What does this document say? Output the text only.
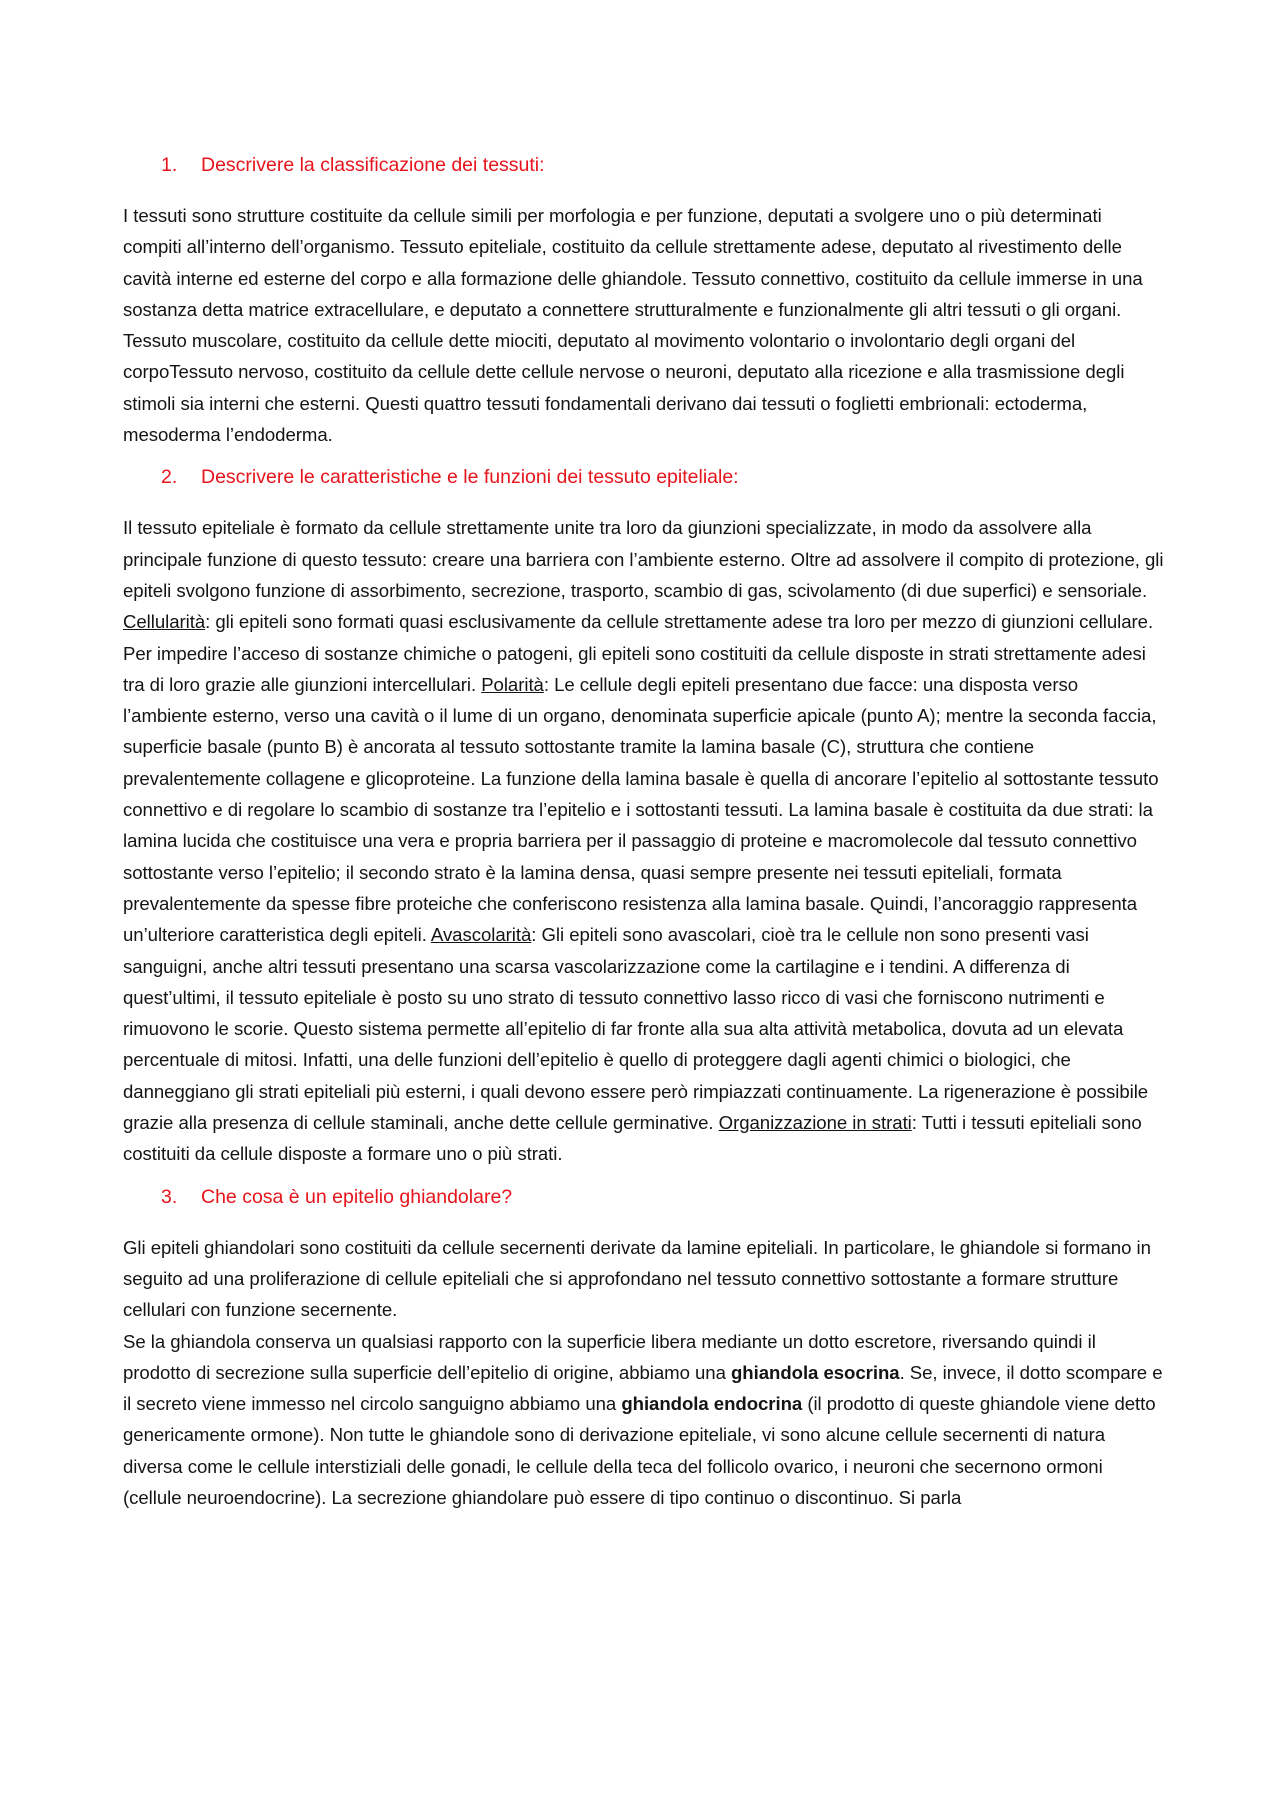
1. Descrivere la classificazione dei tessuti:

I tessuti sono strutture costituite da cellule simili per morfologia e per funzione, deputati a svolgere uno o più determinati compiti all’interno dell’organismo. Tessuto epiteliale, costituito da cellule strettamente adese, deputato al rivestimento delle cavità interne ed esterne del corpo e alla formazione delle ghiandole. Tessuto connettivo, costituito da cellule immerse in una sostanza detta matrice extracellulare, e deputato a connettere strutturalmente e funzionalmente gli altri tessuti o gli organi. Tessuto muscolare, costituito da cellule dette miociti, deputato al movimento volontario o involontario degli organi del corpoTessuto nervoso, costituito da cellule dette cellule nervose o neuroni, deputato alla ricezione e alla trasmissione degli stimoli sia interni che esterni. Questi quattro tessuti fondamentali derivano dai tessuti o foglietti embrionali: ectoderma, mesoderma l’endoderma.

2. Descrivere le caratteristiche e le funzioni dei tessuto epiteliale:

Il tessuto epiteliale è formato da cellule strettamente unite tra loro da giunzioni specializzate, in modo da assolvere alla principale funzione di questo tessuto: creare una barriera con l’ambiente esterno. Oltre ad assolvere il compito di protezione, gli epiteli svolgono funzione di assorbimento, secrezione, trasporto, scambio di gas, scivolamento (di due superfici) e sensoriale. Cellularità: gli epiteli sono formati quasi esclusivamente da cellule strettamente adese tra loro per mezzo di giunzioni cellulare. Per impedire l’acceso di sostanze chimiche o patogeni, gli epiteli sono costituiti da cellule disposte in strati strettamente adesi tra di loro grazie alle giunzioni intercellulari. Polarità: Le cellule degli epiteli presentano due facce: una disposta verso l’ambiente esterno, verso una cavità o il lume di un organo, denominata superficie apicale (punto A); mentre la seconda faccia, superficie basale (punto B) è ancorata al tessuto sottostante tramite la lamina basale (C), struttura che contiene prevalentemente collagene e glicoproteine. La funzione della lamina basale è quella di ancorare l’epitelio al sottostante tessuto connettivo e di regolare lo scambio di sostanze tra l’epitelio e i sottostanti tessuti. La lamina basale è costituita da due strati: la lamina lucida che costituisce una vera e propria barriera per il passaggio di proteine e macromolecole dal tessuto connettivo sottostante verso l’epitelio; il secondo strato è la lamina densa, quasi sempre presente nei tessuti epiteliali, formata prevalentemente da spesse fibre proteiche che conferiscono resistenza alla lamina basale. Quindi, l’ancoraggio rappresenta un’ulteriore caratteristica degli epiteli. Avascolarità: Gli epiteli sono avascolari, cioè tra le cellule non sono presenti vasi sanguigni, anche altri tessuti presentano una scarsa vascolarizzazione come la cartilagine e i tendini. A differenza di quest’ultimi, il tessuto epiteliale è posto su uno strato di tessuto connettivo lasso ricco di vasi che forniscono nutrimenti e rimuovono le scorie. Questo sistema permette all’epitelio di far fronte alla sua alta attività metabolica, dovuta ad un elevata percentuale di mitosi. Infatti, una delle funzioni dell’epitelio è quello di proteggere dagli agenti chimici o biologici, che danneggiano gli strati epiteliali più esterni, i quali devono essere però rimpiazzati continuamente. La rigenerazione è possibile grazie alla presenza di cellule staminali, anche dette cellule germinative. Organizzazione in strati: Tutti i tessuti epiteliali sono costituiti da cellule disposte a formare uno o più strati.

3. Che cosa è un epitelio ghiandolare?

Gli epiteli ghiandolari sono costituiti da cellule secernenti derivate da lamine epiteliali. In particolare, le ghiandole si formano in seguito ad una proliferazione di cellule epiteliali che si approfondano nel tessuto connettivo sottostante a formare strutture cellulari con funzione secernente.

Se la ghiandola conserva un qualsiasi rapporto con la superficie libera mediante un dotto escretore, riversando quindi il prodotto di secrezione sulla superficie dell’epitelio di origine, abbiamo una ghiandola esocrina. Se, invece, il dotto scompare e il secreto viene immesso nel circolo sanguigno abbiamo una ghiandola endocrina (il prodotto di queste ghiandole viene detto genericamente ormone). Non tutte le ghiandole sono di derivazione epiteliale, vi sono alcune cellule secernenti di natura diversa come le cellule interstiziali delle gonadi, le cellule della teca del follicolo ovarico, i neuroni che secernono ormoni (cellule neuroendocrine). La secrezione ghiandolare può essere di tipo continuo o discontinuo. Si parla
